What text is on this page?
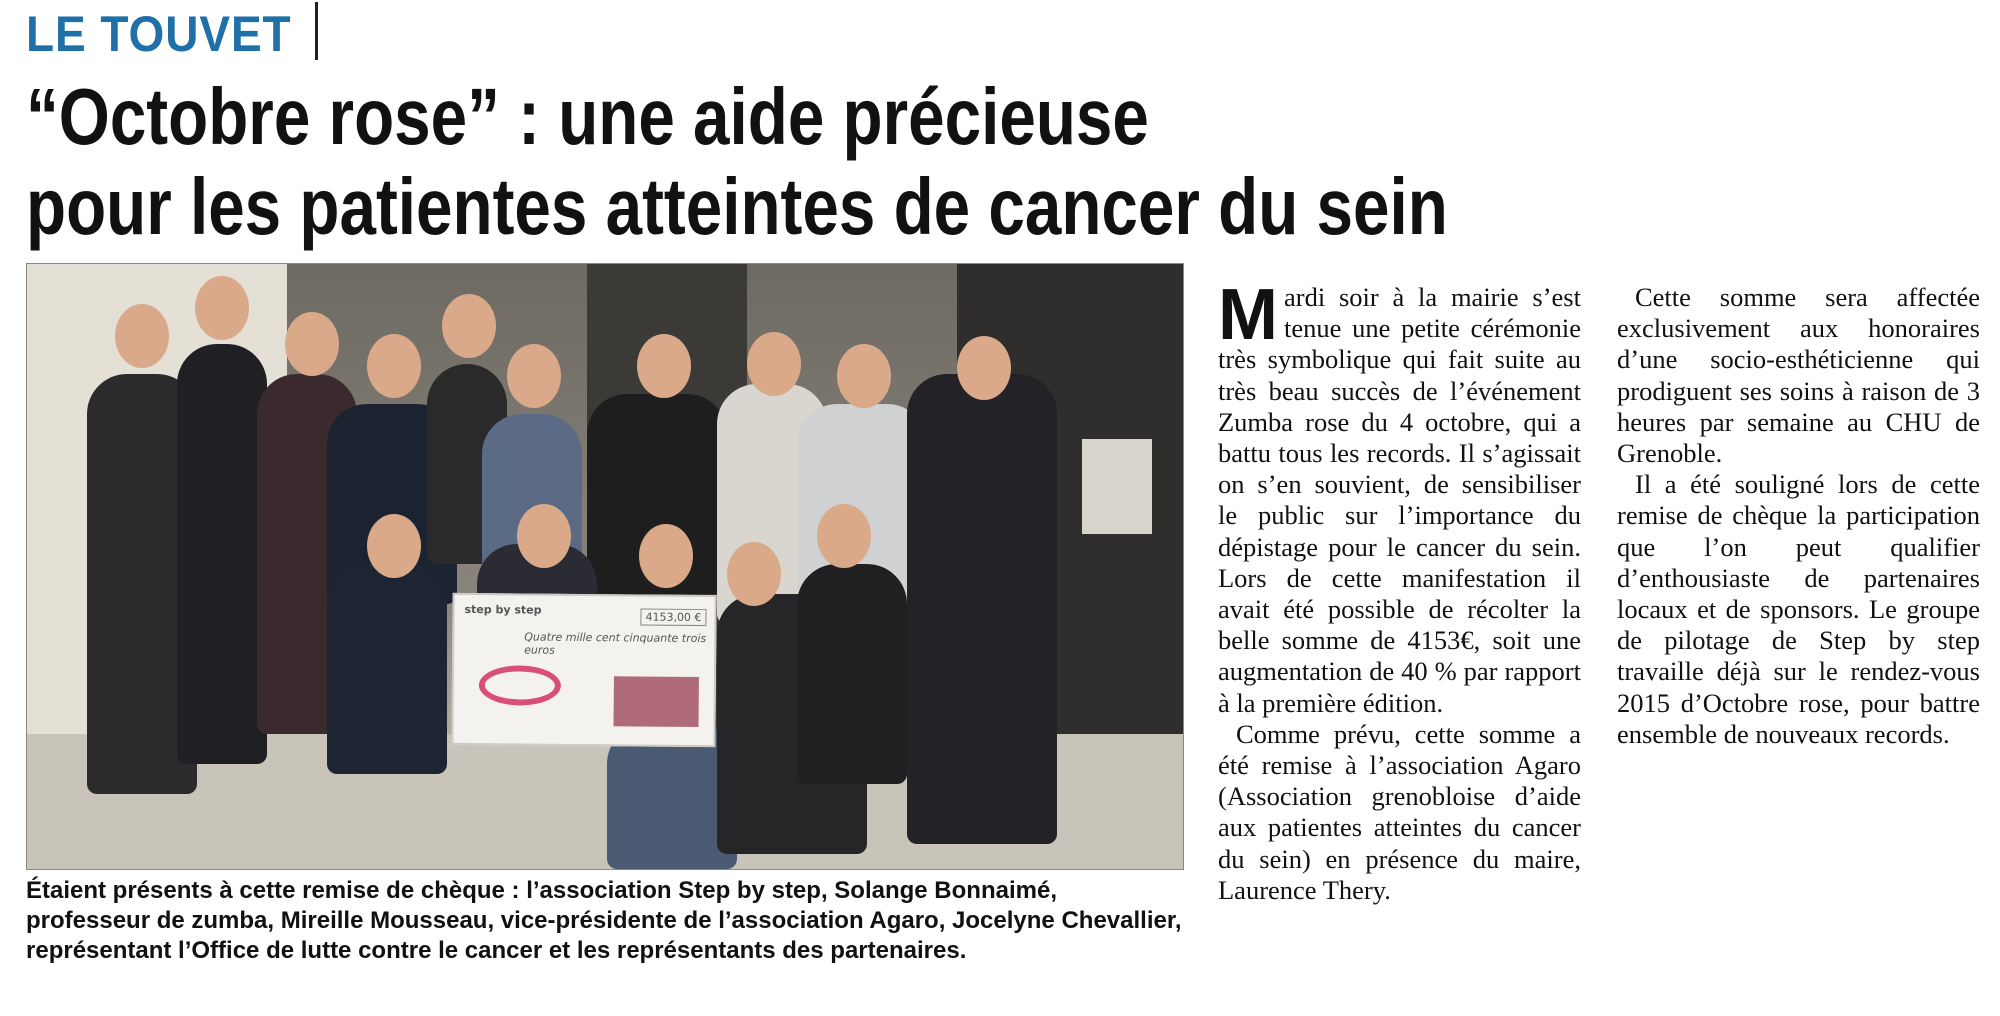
LE TOUVET
“Octobre rose” : une aide précieuse
pour les patientes atteintes de cancer du sein
step by step
4153,00 €
Quatre mille cent cinquante trois euros

Étaient présents à cette remise de chèque : l’association Step by step, Solange Bonnaimé, professeur de zumba, Mireille Mousseau, vice-présidente de l’association Agaro, Jocelyne Chevallier, représentant l’Office de lutte contre le cancer et les représentants des partenaires.

Mardi soir à la mairie s’est tenue une petite cérémonie très symbolique qui fait suite au très beau succès de l’événement Zumba rose du 4 octobre, qui a battu tous les records. Il s’agissait on s’en souvient, de sensibiliser le public sur l’importance du dépistage pour le cancer du sein. Lors de cette manifestation il avait été possible de récolter la belle somme de 4153€, soit une augmentation de 40 % par rapport à la première édition.

Comme prévu, cette somme a été remise à l’association Agaro (Association grenobloise d’aide aux patientes atteintes du cancer du sein) en présence du maire, Laurence Thery.

Cette somme sera affectée exclusivement aux honoraires d’une socio-esthéticienne qui prodiguent ses soins à raison de 3 heures par semaine au CHU de Grenoble.

Il a été souligné lors de cette remise de chèque la participation que l’on peut qualifier d’enthousiaste de partenaires locaux et de sponsors. Le groupe de pilotage de Step by step travaille déjà sur le rendez-vous 2015 d’Octobre rose, pour battre ensemble de nouveaux records.
